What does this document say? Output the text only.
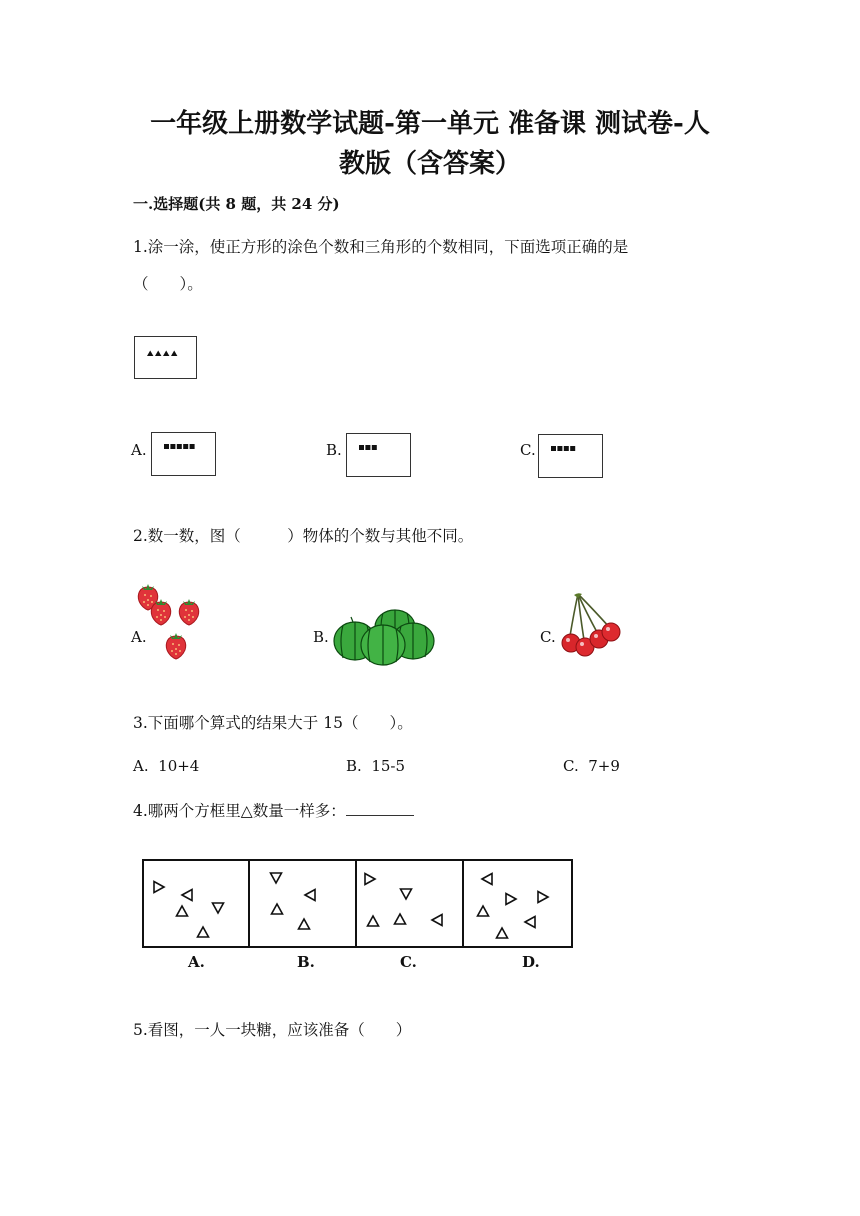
一年级上册数学试题-第一单元 准备课 测试卷-人
教版（含答案）
一.选择题(共 8 题，共 24 分)
1.涂一涂，使正方形的涂色个数和三角形的个数相同，下面选项正确的是
（　　）。
A.	B.	C.
2.数一数，图（　　　）物体的个数与其他不同。
A.	B.	C.
3.下面哪个算式的结果大于 15（　　）。
A. 10+4	B. 15-5	C. 7+9
4.哪两个方框里△数量一样多：
A.	B.	C.	D.
5.看图，一人一块糖，应该准备（　　）
